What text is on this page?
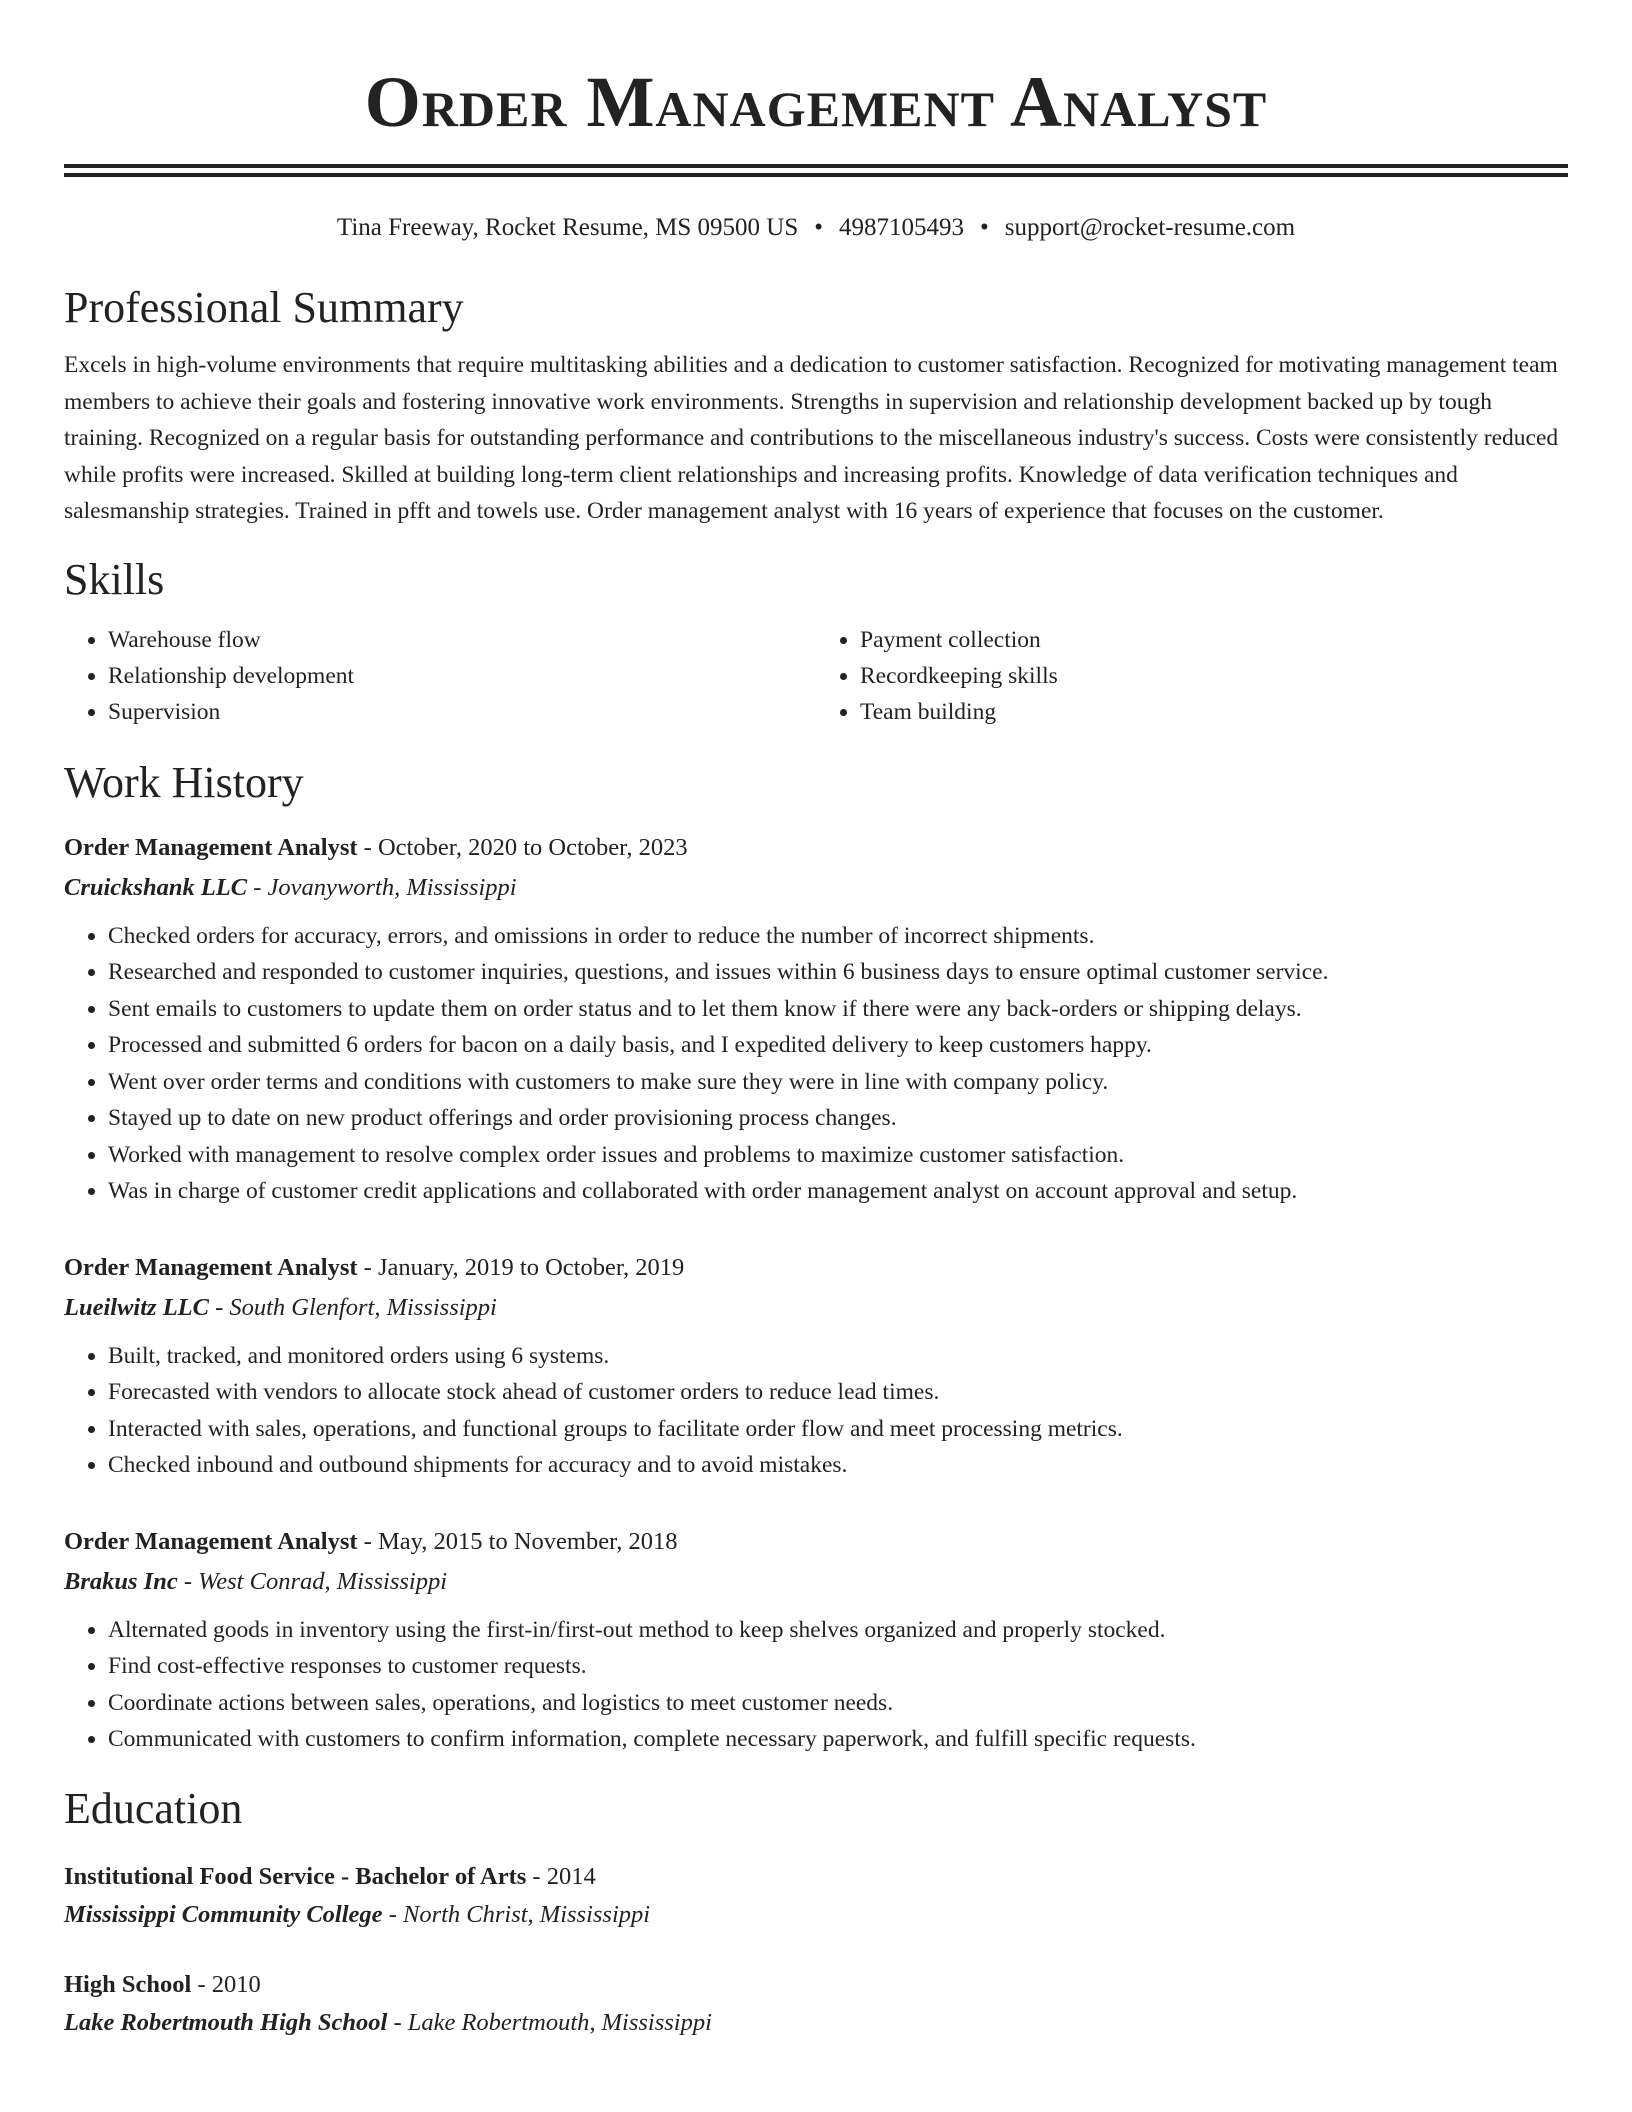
Order Management Analyst
Tina Freeway, Rocket Resume, MS 09500 US • 4987105493 • support@rocket-resume.com
Professional Summary

Excels in high-volume environments that require multitasking abilities and a dedication to customer satisfaction. Recognized for motivating management team members to achieve their goals and fostering innovative work environments. Strengths in supervision and relationship development backed up by tough training. Recognized on a regular basis for outstanding performance and contributions to the miscellaneous industry's success. Costs were consistently reduced while profits were increased. Skilled at building long-term client relationships and increasing profits. Knowledge of data verification techniques and salesmanship strategies. Trained in pfft and towels use. Order management analyst with 16 years of experience that focuses on the customer.

Skills
• Warehouse flow
• Relationship development
• Supervision
• Payment collection
• Recordkeeping skills
• Team building
Work History
Order Management Analyst - October, 2020 to October, 2023
Cruickshank LLC - Jovanyworth, Mississippi
• Checked orders for accuracy, errors, and omissions in order to reduce the number of incorrect shipments.
• Researched and responded to customer inquiries, questions, and issues within 6 business days to ensure optimal customer service.
• Sent emails to customers to update them on order status and to let them know if there were any back-orders or shipping delays.
• Processed and submitted 6 orders for bacon on a daily basis, and I expedited delivery to keep customers happy.
• Went over order terms and conditions with customers to make sure they were in line with company policy.
• Stayed up to date on new product offerings and order provisioning process changes.
• Worked with management to resolve complex order issues and problems to maximize customer satisfaction.
• Was in charge of customer credit applications and collaborated with order management analyst on account approval and setup.
Order Management Analyst - January, 2019 to October, 2019
Lueilwitz LLC - South Glenfort, Mississippi
• Built, tracked, and monitored orders using 6 systems.
• Forecasted with vendors to allocate stock ahead of customer orders to reduce lead times.
• Interacted with sales, operations, and functional groups to facilitate order flow and meet processing metrics.
• Checked inbound and outbound shipments for accuracy and to avoid mistakes.
Order Management Analyst - May, 2015 to November, 2018
Brakus Inc - West Conrad, Mississippi
• Alternated goods in inventory using the first-in/first-out method to keep shelves organized and properly stocked.
• Find cost-effective responses to customer requests.
• Coordinate actions between sales, operations, and logistics to meet customer needs.
• Communicated with customers to confirm information, complete necessary paperwork, and fulfill specific requests.
Education
Institutional Food Service - Bachelor of Arts - 2014
Mississippi Community College - North Christ, Mississippi
High School - 2010
Lake Robertmouth High School - Lake Robertmouth, Mississippi
